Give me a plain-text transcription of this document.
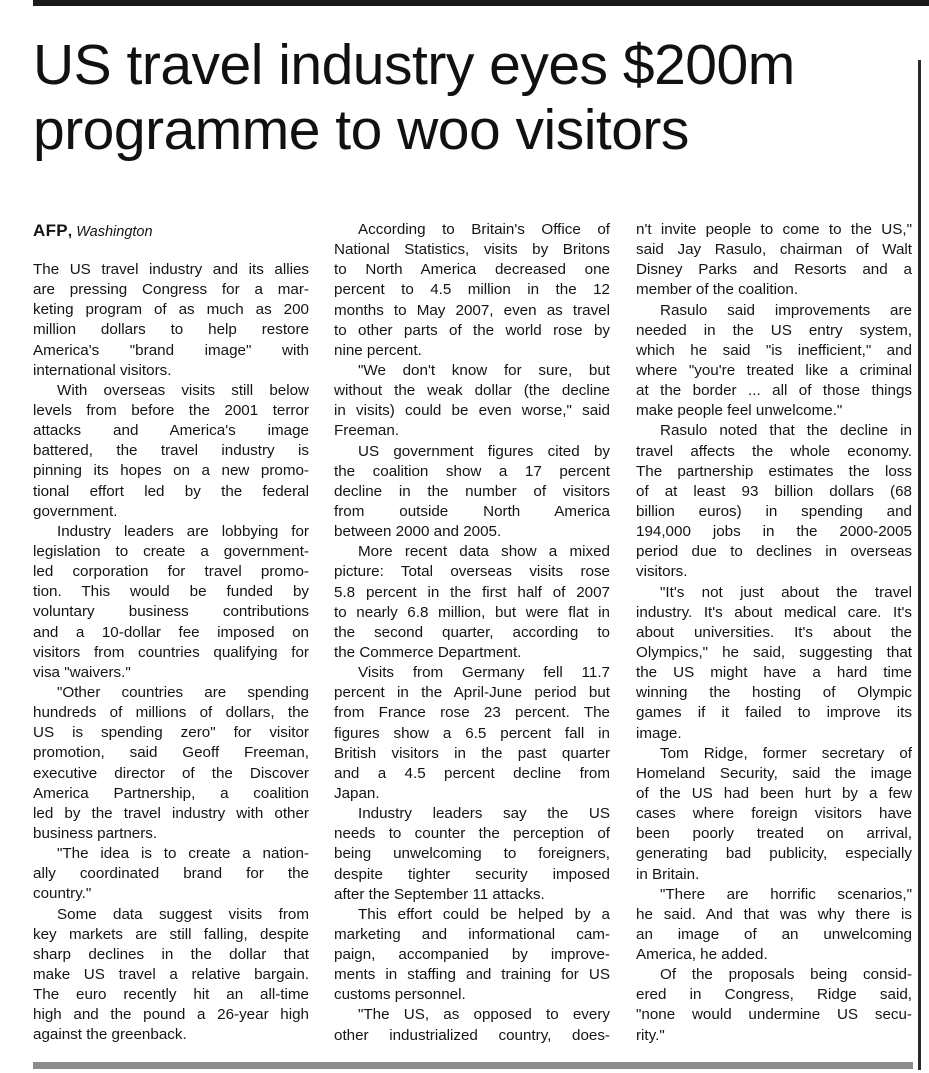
US travel industry eyes $200m
programme to woo visitors
AFP, Washington
The US travel industry and its allies
are pressing Congress for a mar-
keting program of as much as 200
million dollars to help restore
America's "brand image" with
international visitors.
With overseas visits still below
levels from before the 2001 terror
attacks and America's image
battered, the travel industry is
pinning its hopes on a new promo-
tional effort led by the federal
government.
Industry leaders are lobbying for
legislation to create a government-
led corporation for travel promo-
tion. This would be funded by
voluntary business contributions
and a 10-dollar fee imposed on
visitors from countries qualifying for
visa "waivers."
"Other countries are spending
hundreds of millions of dollars, the
US is spending zero" for visitor
promotion, said Geoff Freeman,
executive director of the Discover
America Partnership, a coalition
led by the travel industry with other
business partners.
"The idea is to create a nation-
ally coordinated brand for the
country."
Some data suggest visits from
key markets are still falling, despite
sharp declines in the dollar that
make US travel a relative bargain.
The euro recently hit an all-time
high and the pound a 26-year high
against the greenback.
According to Britain's Office of
National Statistics, visits by Britons
to North America decreased one
percent to 4.5 million in the 12
months to May 2007, even as travel
to other parts of the world rose by
nine percent.
"We don't know for sure, but
without the weak dollar (the decline
in visits) could be even worse," said
Freeman.
US government figures cited by
the coalition show a 17 percent
decline in the number of visitors
from outside North America
between 2000 and 2005.
More recent data show a mixed
picture: Total overseas visits rose
5.8 percent in the first half of 2007
to nearly 6.8 million, but were flat in
the second quarter, according to
the Commerce Department.
Visits from Germany fell 11.7
percent in the April-June period but
from France rose 23 percent. The
figures show a 6.5 percent fall in
British visitors in the past quarter
and a 4.5 percent decline from
Japan.
Industry leaders say the US
needs to counter the perception of
being unwelcoming to foreigners,
despite tighter security imposed
after the September 11 attacks.
This effort could be helped by a
marketing and informational cam-
paign, accompanied by improve-
ments in staffing and training for US
customs personnel.
"The US, as opposed to every
other industrialized country, does-
n't invite people to come to the US,"
said Jay Rasulo, chairman of Walt
Disney Parks and Resorts and a
member of the coalition.
Rasulo said improvements are
needed in the US entry system,
which he said "is inefficient," and
where "you're treated like a criminal
at the border ... all of those things
make people feel unwelcome."
Rasulo noted that the decline in
travel affects the whole economy.
The partnership estimates the loss
of at least 93 billion dollars (68
billion euros) in spending and
194,000 jobs in the 2000-2005
period due to declines in overseas
visitors.
"It's not just about the travel
industry. It's about medical care. It's
about universities. It's about the
Olympics," he said, suggesting that
the US might have a hard time
winning the hosting of Olympic
games if it failed to improve its
image.
Tom Ridge, former secretary of
Homeland Security, said the image
of the US had been hurt by a few
cases where foreign visitors have
been poorly treated on arrival,
generating bad publicity, especially
in Britain.
"There are horrific scenarios,"
he said. And that was why there is
an image of an unwelcoming
America, he added.
Of the proposals being consid-
ered in Congress, Ridge said,
"none would undermine US secu-
rity."
